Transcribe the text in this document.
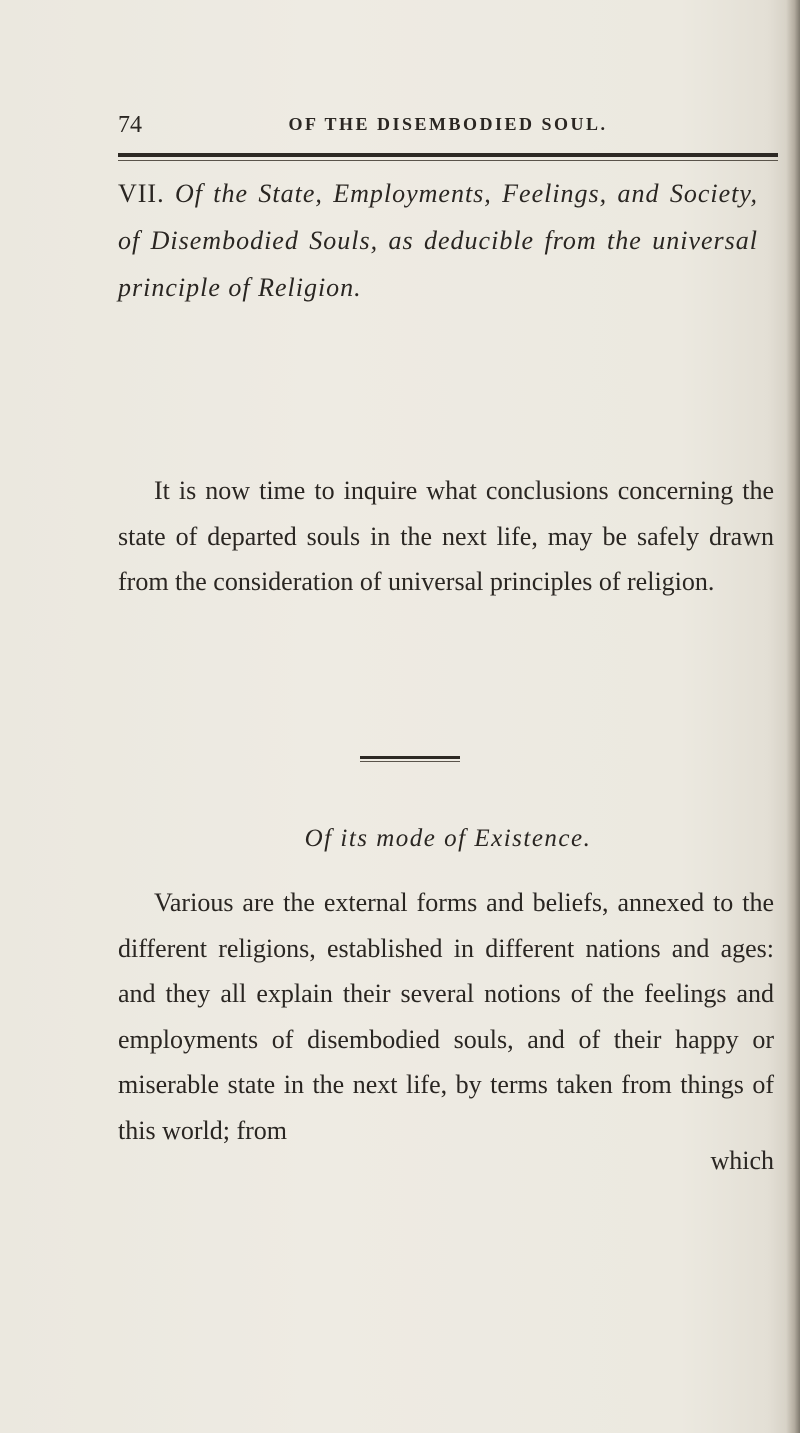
74	OF THE DISEMBODIED SOUL.
VII. Of the State, Employments, Feelings, and Society, of Disembodied Souls, as deducible from the universal principle of Religion.
It is now time to inquire what conclusions concerning the state of departed souls in the next life, may be safely drawn from the consideration of universal principles of religion.
Of its mode of Existence.
Various are the external forms and beliefs, annexed to the different religions, established in different nations and ages: and they all explain their several notions of the feelings and employments of disembodied souls, and of their happy or miserable state in the next life, by terms taken from things of this world; from
which
